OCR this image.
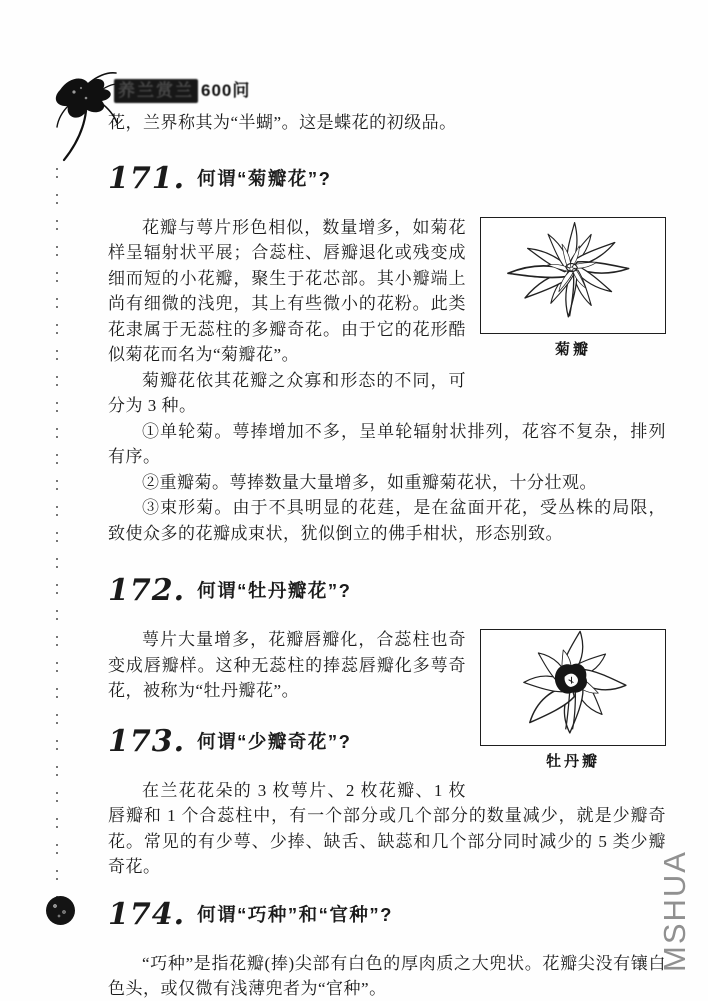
养兰赏兰 600问

花，兰界称其为“半蝴”。这是蝶花的初级品。

171. 何谓“菊瓣花”?
菊瓣

花瓣与萼片形色相似，数量增多，如菊花样呈辐射状平展；合蕊柱、唇瓣退化或残变成细而短的小花瓣，聚生于花芯部。其小瓣端上尚有细微的浅兜，其上有些微小的花粉。此类花隶属于无蕊柱的多瓣奇花。由于它的花形酷似菊花而名为“菊瓣花”。

菊瓣花依其花瓣之众寡和形态的不同，可分为 3 种。

①单轮菊。萼捧增加不多，呈单轮辐射状排列，花容不复杂，排列有序。

②重瓣菊。萼捧数量大量增多，如重瓣菊花状，十分壮观。

③束形菊。由于不具明显的花莛，是在盆面开花，受丛株的局限，致使众多的花瓣成束状，犹似倒立的佛手柑状，形态别致。

172. 何谓“牡丹瓣花”?
牡丹瓣

萼片大量增多，花瓣唇瓣化，合蕊柱也奇变成唇瓣样。这种无蕊柱的捧蕊唇瓣化多萼奇花，被称为“牡丹瓣花”。

173. 何谓“少瓣奇花”?

在兰花花朵的 3 枚萼片、2 枚花瓣、1 枚唇瓣和 1 个合蕊柱中，有一个部分或几个部分的数量减少，就是少瓣奇花。常见的有少萼、少捧、缺舌、缺蕊和几个部分同时减少的 5 类少瓣奇花。

174. 何谓“巧种”和“官种”?

“巧种”是指花瓣(捧)尖部有白色的厚肉质之大兜状。花瓣尖没有镶白色头，或仅微有浅薄兜者为“官种”。

MSHUA
